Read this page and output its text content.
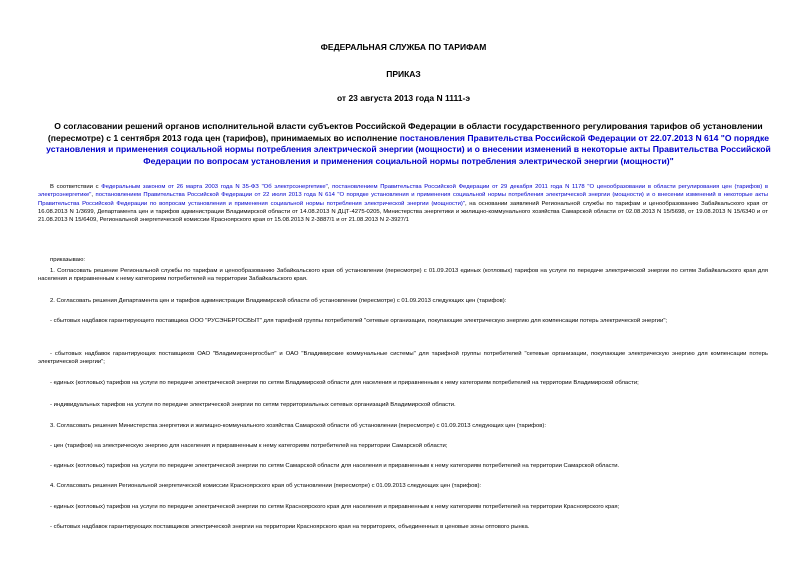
ФЕДЕРАЛЬНАЯ СЛУЖБА ПО ТАРИФАМ
ПРИКАЗ
от 23 августа 2013 года N 1111-э
О согласовании решений органов исполнительной власти субъектов Российской Федерации в области государственного регулирования тарифов об установлении (пересмотре) с 1 сентября 2013 года цен (тарифов), принимаемых во исполнение постановления Правительства Российской Федерации от 22.07.2013 N 614 "О порядке установления и применения социальной нормы потребления электрической энергии (мощности) и о внесении изменений в некоторые акты Правительства Российской Федерации по вопросам установления и применения социальной нормы потребления электрической энергии (мощности)"
В соответствии с Федеральным законом от 26 марта 2003 года N 35-ФЗ "Об электроэнергетике", постановлением Правительства Российской Федерации от 29 декабря 2011 года N 1178 "О ценообразовании в области регулирования цен (тарифов) в электроэнергетике", постановлением Правительства Российской Федерации от 22 июля 2013 года N 614 "О порядке установления и применения социальной нормы потребления электрической энергии (мощности) и о внесении изменений в некоторые акты Правительства Российской Федерации по вопросам установления и применения социальной нормы потребления электрической энергии (мощности)", на основании заявлений Региональной службы по тарифам и ценообразованию Забайкальского края от 16.08.2013 N 1/3699, Департамента цен и тарифов администрации Владимирской области от 14.08.2013 N ДЦТ-4275-0205, Министерства энергетики и жилищно-коммунального хозяйства Самарской области от 02.08.2013 N 15/5698, от 19.08.2013 N 15/6340 и от 21.08.2013 N 15/6409, Региональной энергетической комиссии Красноярского края от 15.08.2013 N 2-3887/1 и от 21.08.2013 N 2-3927/1
приказываю:
1. Согласовать решение Региональной службы по тарифам и ценообразованию Забайкальского края об установлении (пересмотре) с 01.09.2013 единых (котловых) тарифов на услуги по передаче электрической энергии по сетям Забайкальского края для населения и приравненным к нему категориям потребителей на территории Забайкальского края.
2. Согласовать решения Департамента цен и тарифов администрации Владимирской области об установлении (пересмотре) с 01.09.2013 следующих цен (тарифов):
- сбытовых надбавок гарантирующего поставщика ООО "РУСЭНЕРГОСБЫТ" для тарифной группы потребителей "сетевые организации, покупающие электрическую энергию для компенсации потерь электрической энергии";
- сбытовых надбавок гарантирующих поставщиков ОАО "Владимирэнергосбыт" и ОАО "Владимирские коммунальные системы" для тарифной группы потребителей "сетевые организации, покупающие электрическую энергию для компенсации потерь электрической энергии";
- единых (котловых) тарифов на услуги по передаче электрической энергии по сетям Владимирской области для населения и приравненным к нему категориям потребителей на территории Владимирской области;
- индивидуальных тарифов на услуги по передаче электрической энергии по сетям территориальных сетевых организаций Владимирской области.
3. Согласовать решения Министерства энергетики и жилищно-коммунального хозяйства Самарской области об установлении (пересмотре) с 01.09.2013 следующих цен (тарифов):
- цен (тарифов) на электрическую энергию для населения и приравненным к нему категориям потребителей на территории Самарской области;
- единых (котловых) тарифов на услуги по передаче электрической энергии по сетям Самарской области для населения и приравненным к нему категориям потребителей на территории Самарской области.
4. Согласовать решения Региональной энергетической комиссии Красноярского края об установлении (пересмотре) с 01.09.2013 следующих цен (тарифов):
- единых (котловых) тарифов на услуги по передаче электрической энергии по сетям Красноярского края для населения и приравненным к нему категориям потребителей на территории Красноярского края;
- сбытовых надбавок гарантирующих поставщиков электрической энергии на территории Красноярского края на территориях, объединенных в ценовые зоны оптового рынка.
